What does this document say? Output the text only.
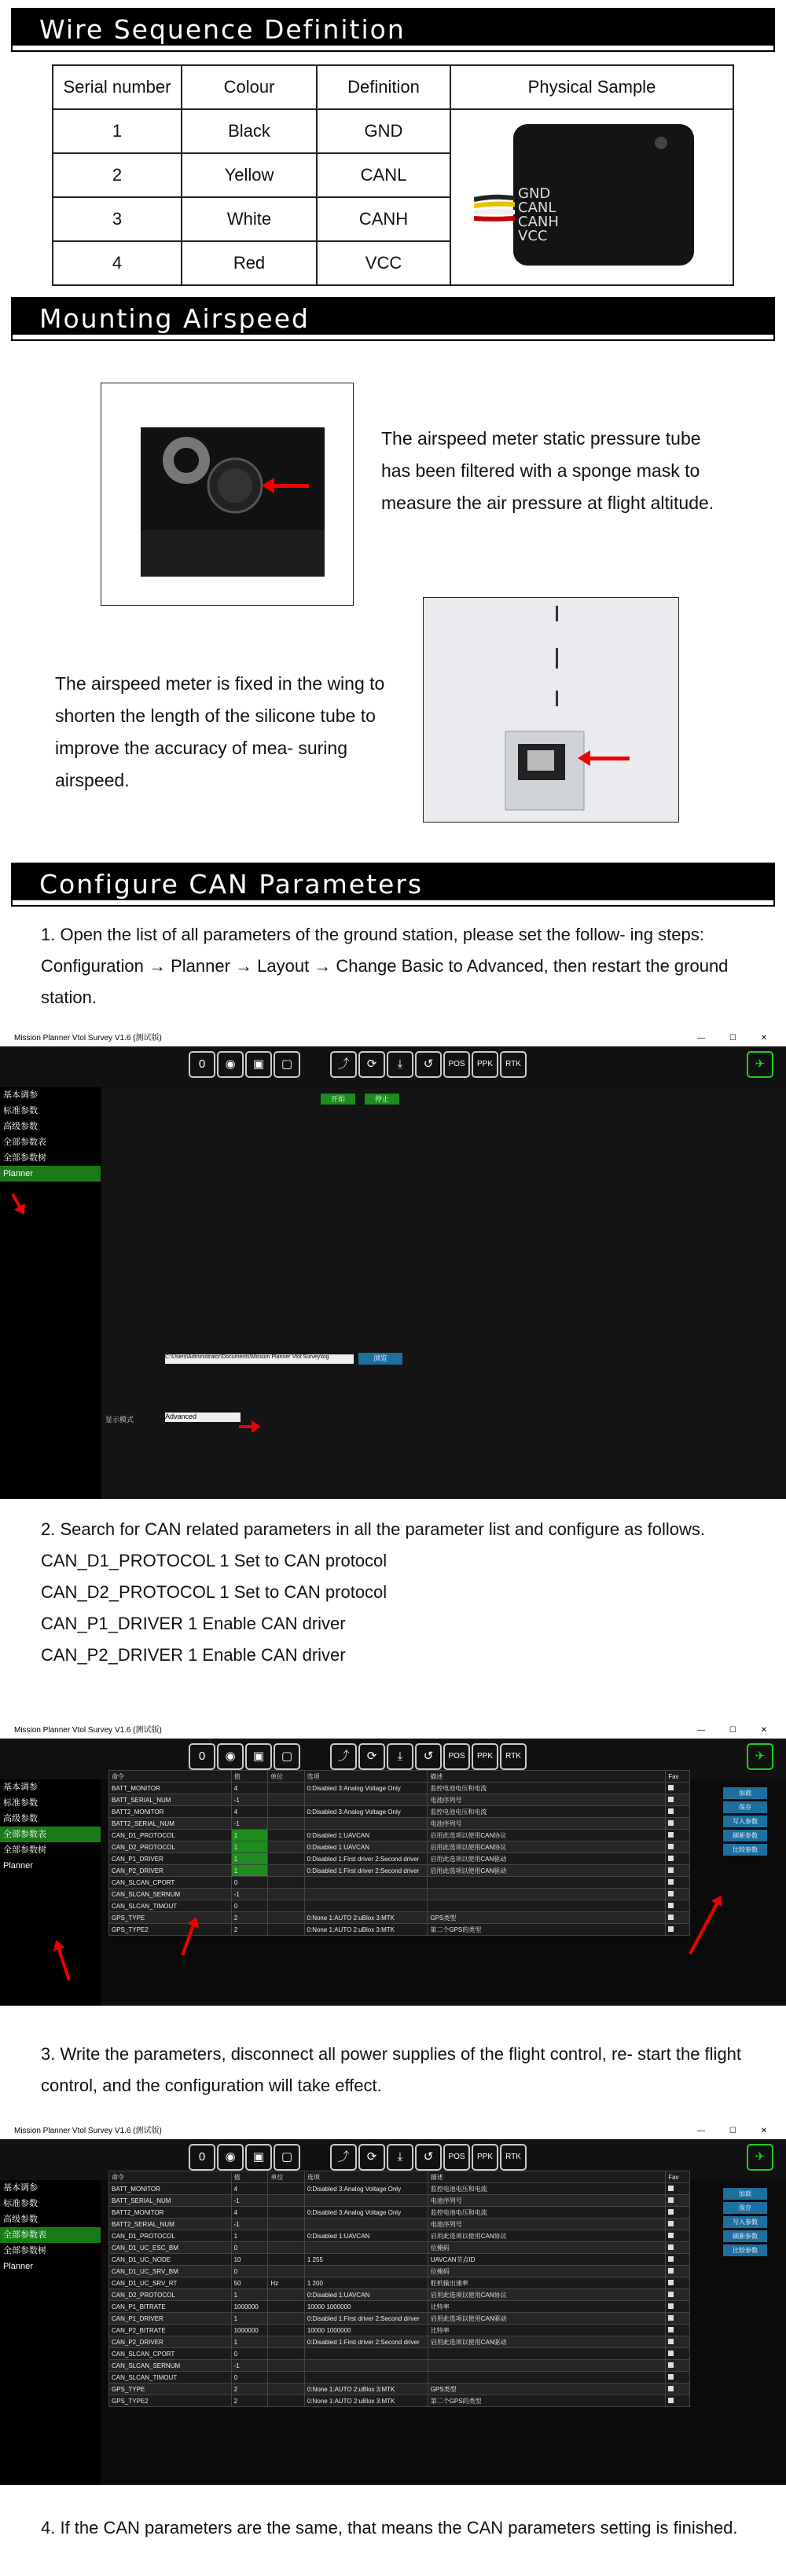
Wire Sequence Definition
Serial number	Colour	Definition	Physical Sample
1	Black	GND	GND
CANL
CANH
VCC

2	Yellow	CANL	
3	White	CANH	
4	Red	VCC	
Mounting Airspeed
The airspeed meter static pressure tube has been filtered with a sponge mask to measure the air pressure at flight altitude.
The airspeed meter is fixed in the wing to shorten the length of the silicone tube to improve the accuracy of mea- suring airspeed.
Configure CAN Parameters
1. Open the list of all parameters of the ground station, please set the follow- ing steps: Configuration → Planner → Layout → Change Basic to Advanced, then restart the ground station.
Mission Planner Vtol Survey V1.6 (测试版)	— ☐ ✕
0	◉	▣	▢	⤴	⟳	⤓	↺	POS	PPK	RTK	✈
基本调参
标准参数
高级参数
全部参数表
全部参数树
Planner
开始	停止
显示模式	Advanced
C:\Users\Administrator\Documents\Mission Planner Vtol Survey\log	浏览

2. Search for CAN related parameters in all the parameter list and configure as follows.

CAN_D1_PROTOCOL 1 Set to CAN protocol

CAN_D2_PROTOCOL 1 Set to CAN protocol

CAN_P1_DRIVER 1 Enable CAN driver

CAN_P2_DRIVER 1 Enable CAN driver

Mission Planner Vtol Survey V1.6 (测试版)	— ☐ ✕
0	◉	▣	▢	⤴	⟳	⤓	↺	POS	PPK	RTK	✈
基本调参
标准参数
高级参数
全部参数表
全部参数树
Planner
命令	值	单位	选项	描述	Fav
BATT_MONITOR	4		0:Disabled 3:Analog Voltage Only	监控电池电压和电流	
BATT_SERIAL_NUM	-1			电池序列号	
BATT2_MONITOR	4		0:Disabled 3:Analog Voltage Only	监控电池电压和电流	
BATT2_SERIAL_NUM	-1			电池序列号	
CAN_D1_PROTOCOL	1		0:Disabled 1:UAVCAN	启用此选项以使用CAN协议	
CAN_D2_PROTOCOL	1		0:Disabled 1:UAVCAN	启用此选项以使用CAN协议	
CAN_P1_DRIVER	1		0:Disabled 1:First driver 2:Second driver	启用此选项以使用CAN驱动	
CAN_P2_DRIVER	1		0:Disabled 1:First driver 2:Second driver	启用此选项以使用CAN驱动	
CAN_SLCAN_CPORT	0				
CAN_SLCAN_SERNUM	-1				
CAN_SLCAN_TIMOUT	0				
GPS_TYPE	2		0:None 1:AUTO 2:uBlox 3:MTK	GPS类型	
GPS_TYPE2	2		0:None 1:AUTO 2:uBlox 3:MTK	第二个GPS的类型	
加载
保存
写入参数
刷新参数
比较参数
3. Write the parameters, disconnect all power supplies of the flight control, re- start the flight control, and the configuration will take effect.
Mission Planner Vtol Survey V1.6 (测试版)	— ☐ ✕
0	◉	▣	▢	⤴	⟳	⤓	↺	POS	PPK	RTK	✈
基本调参
标准参数
高级参数
全部参数表
全部参数树
Planner
命令	值	单位	选项	描述	Fav
BATT_MONITOR	4		0:Disabled 3:Analog Voltage Only	监控电池电压和电流	
BATT_SERIAL_NUM	-1			电池序列号	
BATT2_MONITOR	4		0:Disabled 3:Analog Voltage Only	监控电池电压和电流	
BATT2_SERIAL_NUM	-1			电池序列号	
CAN_D1_PROTOCOL	1		0:Disabled 1:UAVCAN	启用此选项以使用CAN协议	
CAN_D1_UC_ESC_BM	0			位掩码	
CAN_D1_UC_NODE	10		1 255	UAVCAN节点ID	
CAN_D1_UC_SRV_BM	0			位掩码	
CAN_D1_UC_SRV_RT	50	Hz	1 200	舵机输出速率	
CAN_D2_PROTOCOL	1		0:Disabled 1:UAVCAN	启用此选项以使用CAN协议	
CAN_P1_BITRATE	1000000		10000 1000000	比特率	
CAN_P1_DRIVER	1		0:Disabled 1:First driver 2:Second driver	启用此选项以使用CAN驱动	
CAN_P2_BITRATE	1000000		10000 1000000	比特率	
CAN_P2_DRIVER	1		0:Disabled 1:First driver 2:Second driver	启用此选项以使用CAN驱动	
CAN_SLCAN_CPORT	0				
CAN_SLCAN_SERNUM	-1				
CAN_SLCAN_TIMOUT	0				
GPS_TYPE	2		0:None 1:AUTO 2:uBlox 3:MTK	GPS类型	
GPS_TYPE2	2		0:None 1:AUTO 2:uBlox 3:MTK	第二个GPS的类型	
加载
保存
写入参数
刷新参数
比较参数
4. If the CAN parameters are the same, that means the CAN parameters setting is finished.
